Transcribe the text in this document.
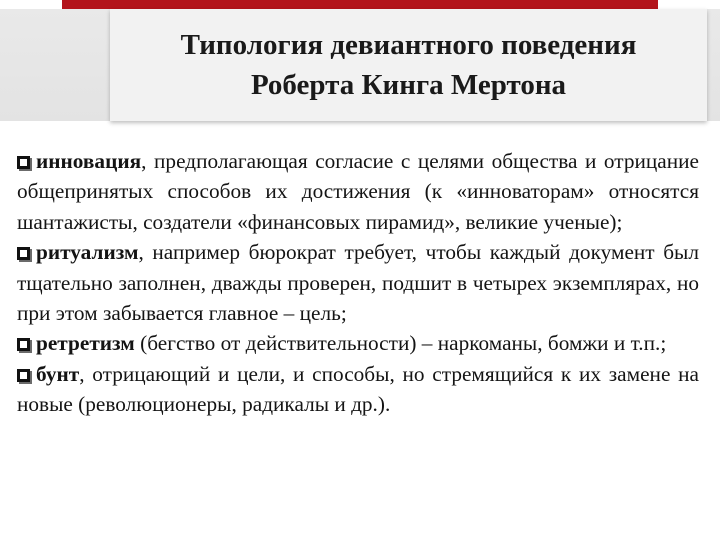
Типология девиантного поведения
Роберта Кинга Мертона

инновация, предполагающая согласие с целями общества и отрицание общепринятых способов их достижения (к «инноваторам» относятся шантажисты, создатели «финансовых пирамид», великие ученые);

ритуализм, например бюрократ требует, чтобы каждый документ был тщательно заполнен, дважды проверен, подшит в четырех экземплярах, но при этом забывается главное – цель;

ретретизм (бегство от действительности) – наркоманы, бомжи и т.п.;

бунт, отрицающий и цели, и способы, но стремящийся к их замене на новые (революционеры, радикалы и др.).
